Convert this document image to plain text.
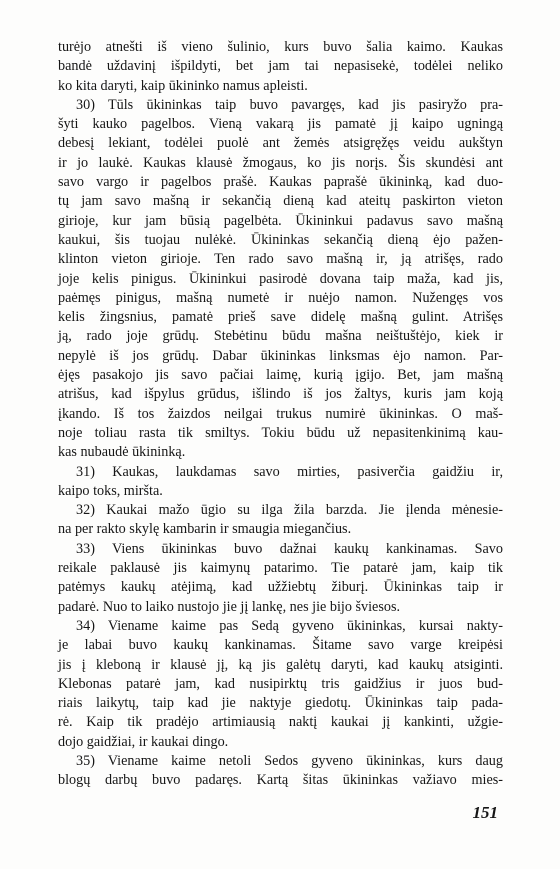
turėjo atnešti iš vieno šulinio, kurs buvo šalia kaimo. Kaukas
bandė uždavinį išpildyti, bet jam tai nepasisekė, todėlei neliko
ko kita daryti, kaip ūkininko namus apleisti.
30) Tūls ūkininkas taip buvo pavargęs, kad jis pasiryžo pra-
šyti kauko pagelbos. Vieną vakarą jis pamatė jį kaipo ugningą
debesį lekiant, todėlei puolė ant žemės atsigręžęs veidu aukštyn
ir jo laukė. Kaukas klausė žmogaus, ko jis norįs. Šis skundėsi ant
savo vargo ir pagelbos prašė. Kaukas paprašė ūkininką, kad duo-
tų jam savo mašną ir sekančią dieną kad ateitų paskirton vieton
girioje, kur jam būsią pagelbėta. Ūkininkui padavus savo mašną
kaukui, šis tuojau nulėkė. Ūkininkas sekančią dieną ėjo pažen-
klinton vieton girioje. Ten rado savo mašną ir, ją atrišęs, rado
joje kelis pinigus. Ūkininkui pasirodė dovana taip maža, kad jis,
paėmęs pinigus, mašną numetė ir nuėjo namon. Nužengęs vos
kelis žingsnius, pamatė prieš save didelę mašną gulint. Atrišęs
ją, rado joje grūdų. Stebėtinu būdu mašna neištuštėjo, kiek ir
nepylė iš jos grūdų. Dabar ūkininkas linksmas ėjo namon. Par-
ėjęs pasakojo jis savo pačiai laimę, kurią įgijo. Bet, jam mašną
atrišus, kad išpylus grūdus, išlindo iš jos žaltys, kuris jam koją
įkando. Iš tos žaizdos neilgai trukus numirė ūkininkas. O maš-
noje toliau rasta tik smiltys. Tokiu būdu už nepasitenkinimą kau-
kas nubaudė ūkininką.
31) Kaukas, laukdamas savo mirties, pasiverčia gaidžiu ir,
kaipo toks, miršta.
32) Kaukai mažo ūgio su ilga žila barzda. Jie įlenda mėnesie-
na per rakto skylę kambarin ir smaugia miegančius.
33) Viens ūkininkas buvo dažnai kaukų kankinamas. Savo
reikale paklausė jis kaimynų patarimo. Tie patarė jam, kaip tik
patėmys kaukų atėjimą, kad užžiebtų žiburį. Ūkininkas taip ir
padarė. Nuo to laiko nustojo jie jį lankę, nes jie bijo šviesos.
34) Viename kaime pas Sedą gyveno ūkininkas, kursai nakty-
je labai buvo kaukų kankinamas. Šitame savo varge kreipėsi
jis į kleboną ir klausė jį, ką jis galėtų daryti, kad kaukų atsiginti.
Klebonas patarė jam, kad nusipirktų tris gaidžius ir juos bud-
riais laikytų, taip kad jie naktyje giedotų. Ūkininkas taip pada-
rė. Kaip tik pradėjo artimiausią naktį kaukai jį kankinti, užgie-
dojo gaidžiai, ir kaukai dingo.
35) Viename kaime netoli Sedos gyveno ūkininkas, kurs daug
blogų darbų buvo padaręs. Kartą šitas ūkininkas važiavo mies-
151
